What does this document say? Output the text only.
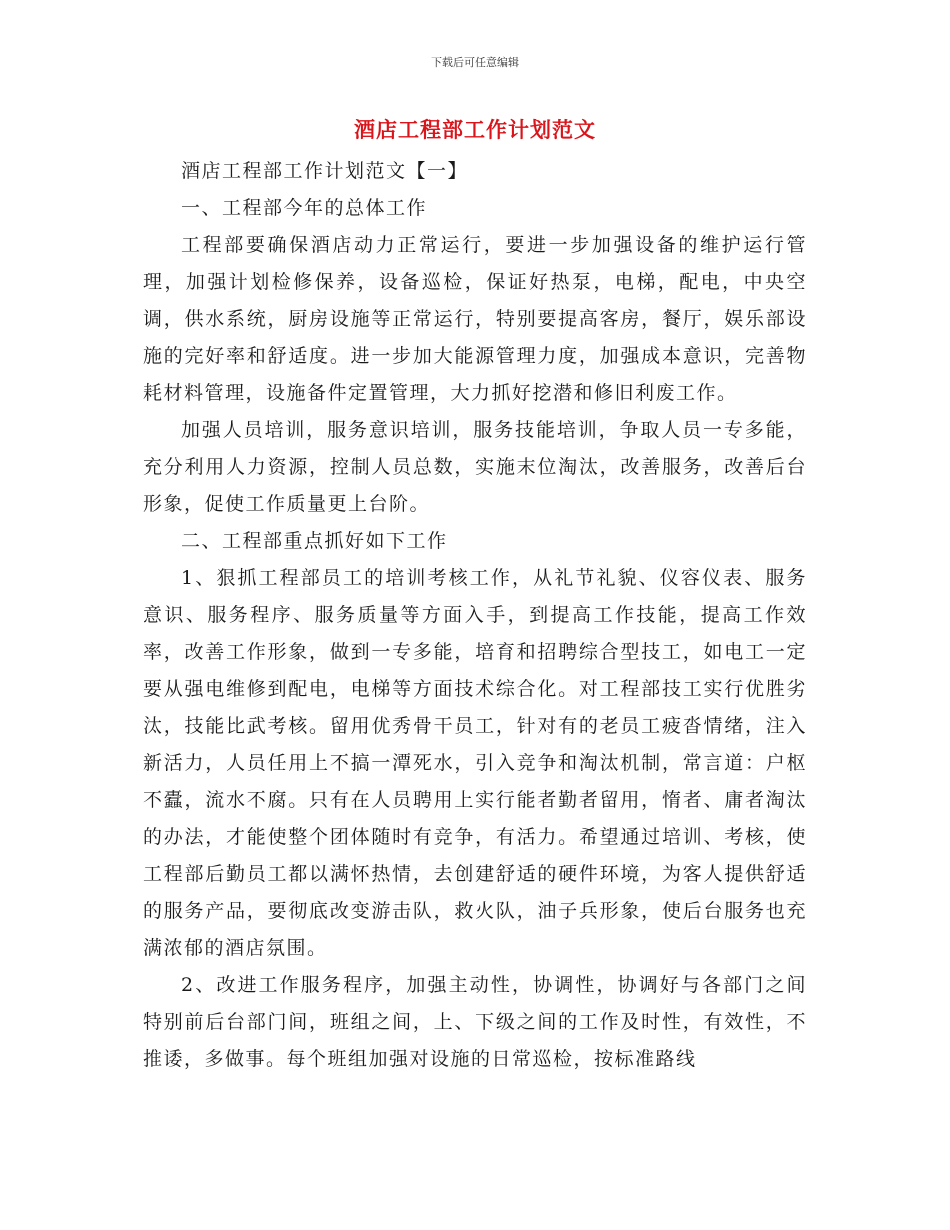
下载后可任意编辑
酒店工程部工作计划范文

酒店工程部工作计划范文【一】

一、工程部今年的总体工作

工程部要确保酒店动力正常运行，要进一步加强设备的维护运行管理，加强计划检修保养，设备巡检，保证好热泵，电梯，配电，中央空调，供水系统，厨房设施等正常运行，特别要提高客房，餐厅，娱乐部设施的完好率和舒适度。进一步加大能源管理力度，加强成本意识，完善物耗材料管理，设施备件定置管理，大力抓好挖潜和修旧利废工作。

加强人员培训，服务意识培训，服务技能培训，争取人员一专多能，充分利用人力资源，控制人员总数，实施末位淘汰，改善服务，改善后台形象，促使工作质量更上台阶。

二、工程部重点抓好如下工作

1、狠抓工程部员工的培训考核工作，从礼节礼貌、仪容仪表、服务意识、服务程序、服务质量等方面入手，到提高工作技能，提高工作效率，改善工作形象，做到一专多能，培育和招聘综合型技工，如电工一定要从强电维修到配电，电梯等方面技术综合化。对工程部技工实行优胜劣汰，技能比武考核。留用优秀骨干员工，针对有的老员工疲沓情绪，注入新活力，人员任用上不搞一潭死水，引入竞争和淘汰机制，常言道：户枢不蠹，流水不腐。只有在人员聘用上实行能者勤者留用，惰者、庸者淘汰的办法，才能使整个团体随时有竞争，有活力。希望通过培训、考核，使工程部后勤员工都以满怀热情，去创建舒适的硬件环境，为客人提供舒适的服务产品，要彻底改变游击队，救火队，油子兵形象，使后台服务也充满浓郁的酒店氛围。

2、改进工作服务程序，加强主动性，协调性，协调好与各部门之间特别前后台部门间，班组之间，上、下级之间的工作及时性，有效性，不推诿，多做事。每个班组加强对设施的日常巡检，按标准路线
